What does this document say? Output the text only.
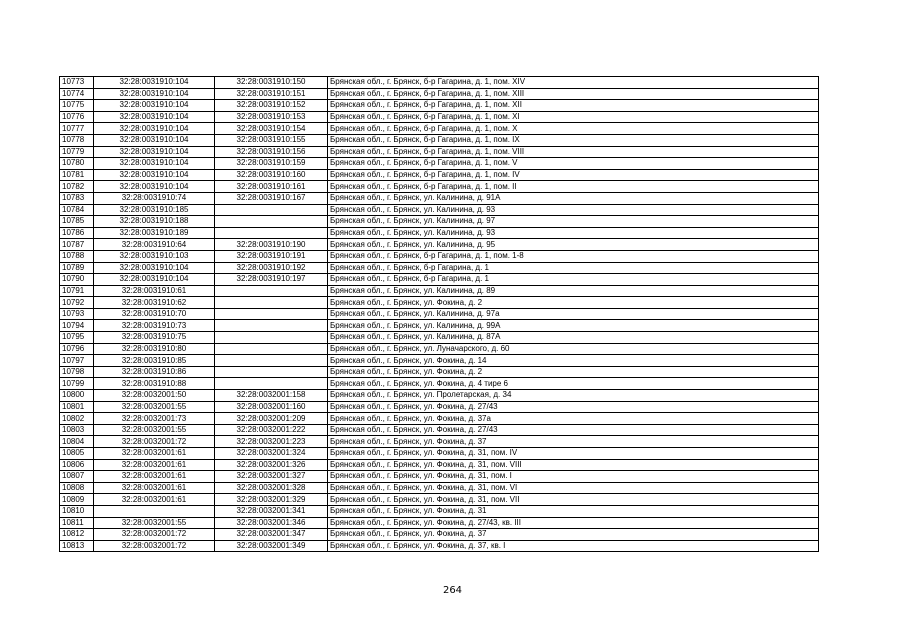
10773	32:28:0031910:104	32:28:0031910:150	Брянская обл., г. Брянск, б-р Гагарина, д. 1, пом. XIV
10774	32:28:0031910:104	32:28:0031910:151	Брянская обл., г. Брянск, б-р Гагарина, д. 1, пом. XIII
10775	32:28:0031910:104	32:28:0031910:152	Брянская обл., г. Брянск, б-р Гагарина, д. 1, пом. XII
10776	32:28:0031910:104	32:28:0031910:153	Брянская обл., г. Брянск, б-р Гагарина, д. 1, пом. XI
10777	32:28:0031910:104	32:28:0031910:154	Брянская обл., г. Брянск, б-р Гагарина, д. 1, пом. X
10778	32:28:0031910:104	32:28:0031910:155	Брянская обл., г. Брянск, б-р Гагарина, д. 1, пом. IX
10779	32:28:0031910:104	32:28:0031910:156	Брянская обл., г. Брянск, б-р Гагарина, д. 1, пом. VIII
10780	32:28:0031910:104	32:28:0031910:159	Брянская обл., г. Брянск, б-р Гагарина, д. 1, пом. V
10781	32:28:0031910:104	32:28:0031910:160	Брянская обл., г. Брянск, б-р Гагарина, д. 1, пом. IV
10782	32:28:0031910:104	32:28:0031910:161	Брянская обл., г. Брянск, б-р Гагарина, д. 1, пом. II
10783	32:28:0031910:74	32:28:0031910:167	Брянская обл., г. Брянск, ул. Калинина, д. 91А
10784	32:28:0031910:185		Брянская обл., г. Брянск, ул. Калинина, д. 93
10785	32:28:0031910:188		Брянская обл., г. Брянск, ул. Калинина, д. 97
10786	32:28:0031910:189		Брянская обл., г. Брянск, ул. Калинина, д. 93
10787	32:28:0031910:64	32:28:0031910:190	Брянская обл., г. Брянск, ул. Калинина, д. 95
10788	32:28:0031910:103	32:28:0031910:191	Брянская обл., г. Брянск, б-р Гагарина, д. 1, пом. 1-8
10789	32:28:0031910:104	32:28:0031910:192	Брянская обл., г. Брянск, б-р Гагарина, д. 1
10790	32:28:0031910:104	32:28:0031910:197	Брянская обл., г. Брянск, б-р Гагарина, д. 1
10791	32:28:0031910:61		Брянская обл., г. Брянск, ул. Калинина, д. 89
10792	32:28:0031910:62		Брянская обл., г. Брянск, ул. Фокина, д. 2
10793	32:28:0031910:70		Брянская обл., г. Брянск, ул. Калинина, д. 97а
10794	32:28:0031910:73		Брянская обл., г. Брянск, ул. Калинина, д. 99А
10795	32:28:0031910:75		Брянская обл., г. Брянск, ул. Калинина, д. 87А
10796	32:28:0031910:80		Брянская обл., г. Брянск, ул. Луначарского, д. 60
10797	32:28:0031910:85		Брянская обл., г. Брянск, ул. Фокина, д. 14
10798	32:28:0031910:86		Брянская обл., г. Брянск, ул. Фокина, д. 2
10799	32:28:0031910:88		Брянская обл., г. Брянск, ул. Фокина, д. 4 тире 6
10800	32:28:0032001:50	32:28:0032001:158	Брянская обл., г. Брянск, ул. Пролетарская, д. 34
10801	32:28:0032001:55	32:28:0032001:160	Брянская обл., г. Брянск, ул. Фокина, д. 27/43
10802	32:28:0032001:73	32:28:0032001:209	Брянская обл., г. Брянск, ул. Фокина, д. 37а
10803	32:28:0032001:55	32:28:0032001:222	Брянская обл., г. Брянск, ул. Фокина, д. 27/43
10804	32:28:0032001:72	32:28:0032001:223	Брянская обл., г. Брянск, ул. Фокина, д. 37
10805	32:28:0032001:61	32:28:0032001:324	Брянская обл., г. Брянск, ул. Фокина, д. 31, пом. IV
10806	32:28:0032001:61	32:28:0032001:326	Брянская обл., г. Брянск, ул. Фокина, д. 31, пом. VIII
10807	32:28:0032001:61	32:28:0032001:327	Брянская обл., г. Брянск, ул. Фокина, д. 31, пом. I
10808	32:28:0032001:61	32:28:0032001:328	Брянская обл., г. Брянск, ул. Фокина, д. 31, пом. VI
10809	32:28:0032001:61	32:28:0032001:329	Брянская обл., г. Брянск, ул. Фокина, д. 31, пом. VII
10810		32:28:0032001:341	Брянская обл., г. Брянск, ул. Фокина, д. 31
10811	32:28:0032001:55	32:28:0032001:346	Брянская обл., г. Брянск, ул. Фокина, д. 27/43, кв. III
10812	32:28:0032001:72	32:28:0032001:347	Брянская обл., г. Брянск, ул. Фокина, д. 37
10813	32:28:0032001:72	32:28:0032001:349	Брянская обл., г. Брянск, ул. Фокина, д. 37, кв. I
264
